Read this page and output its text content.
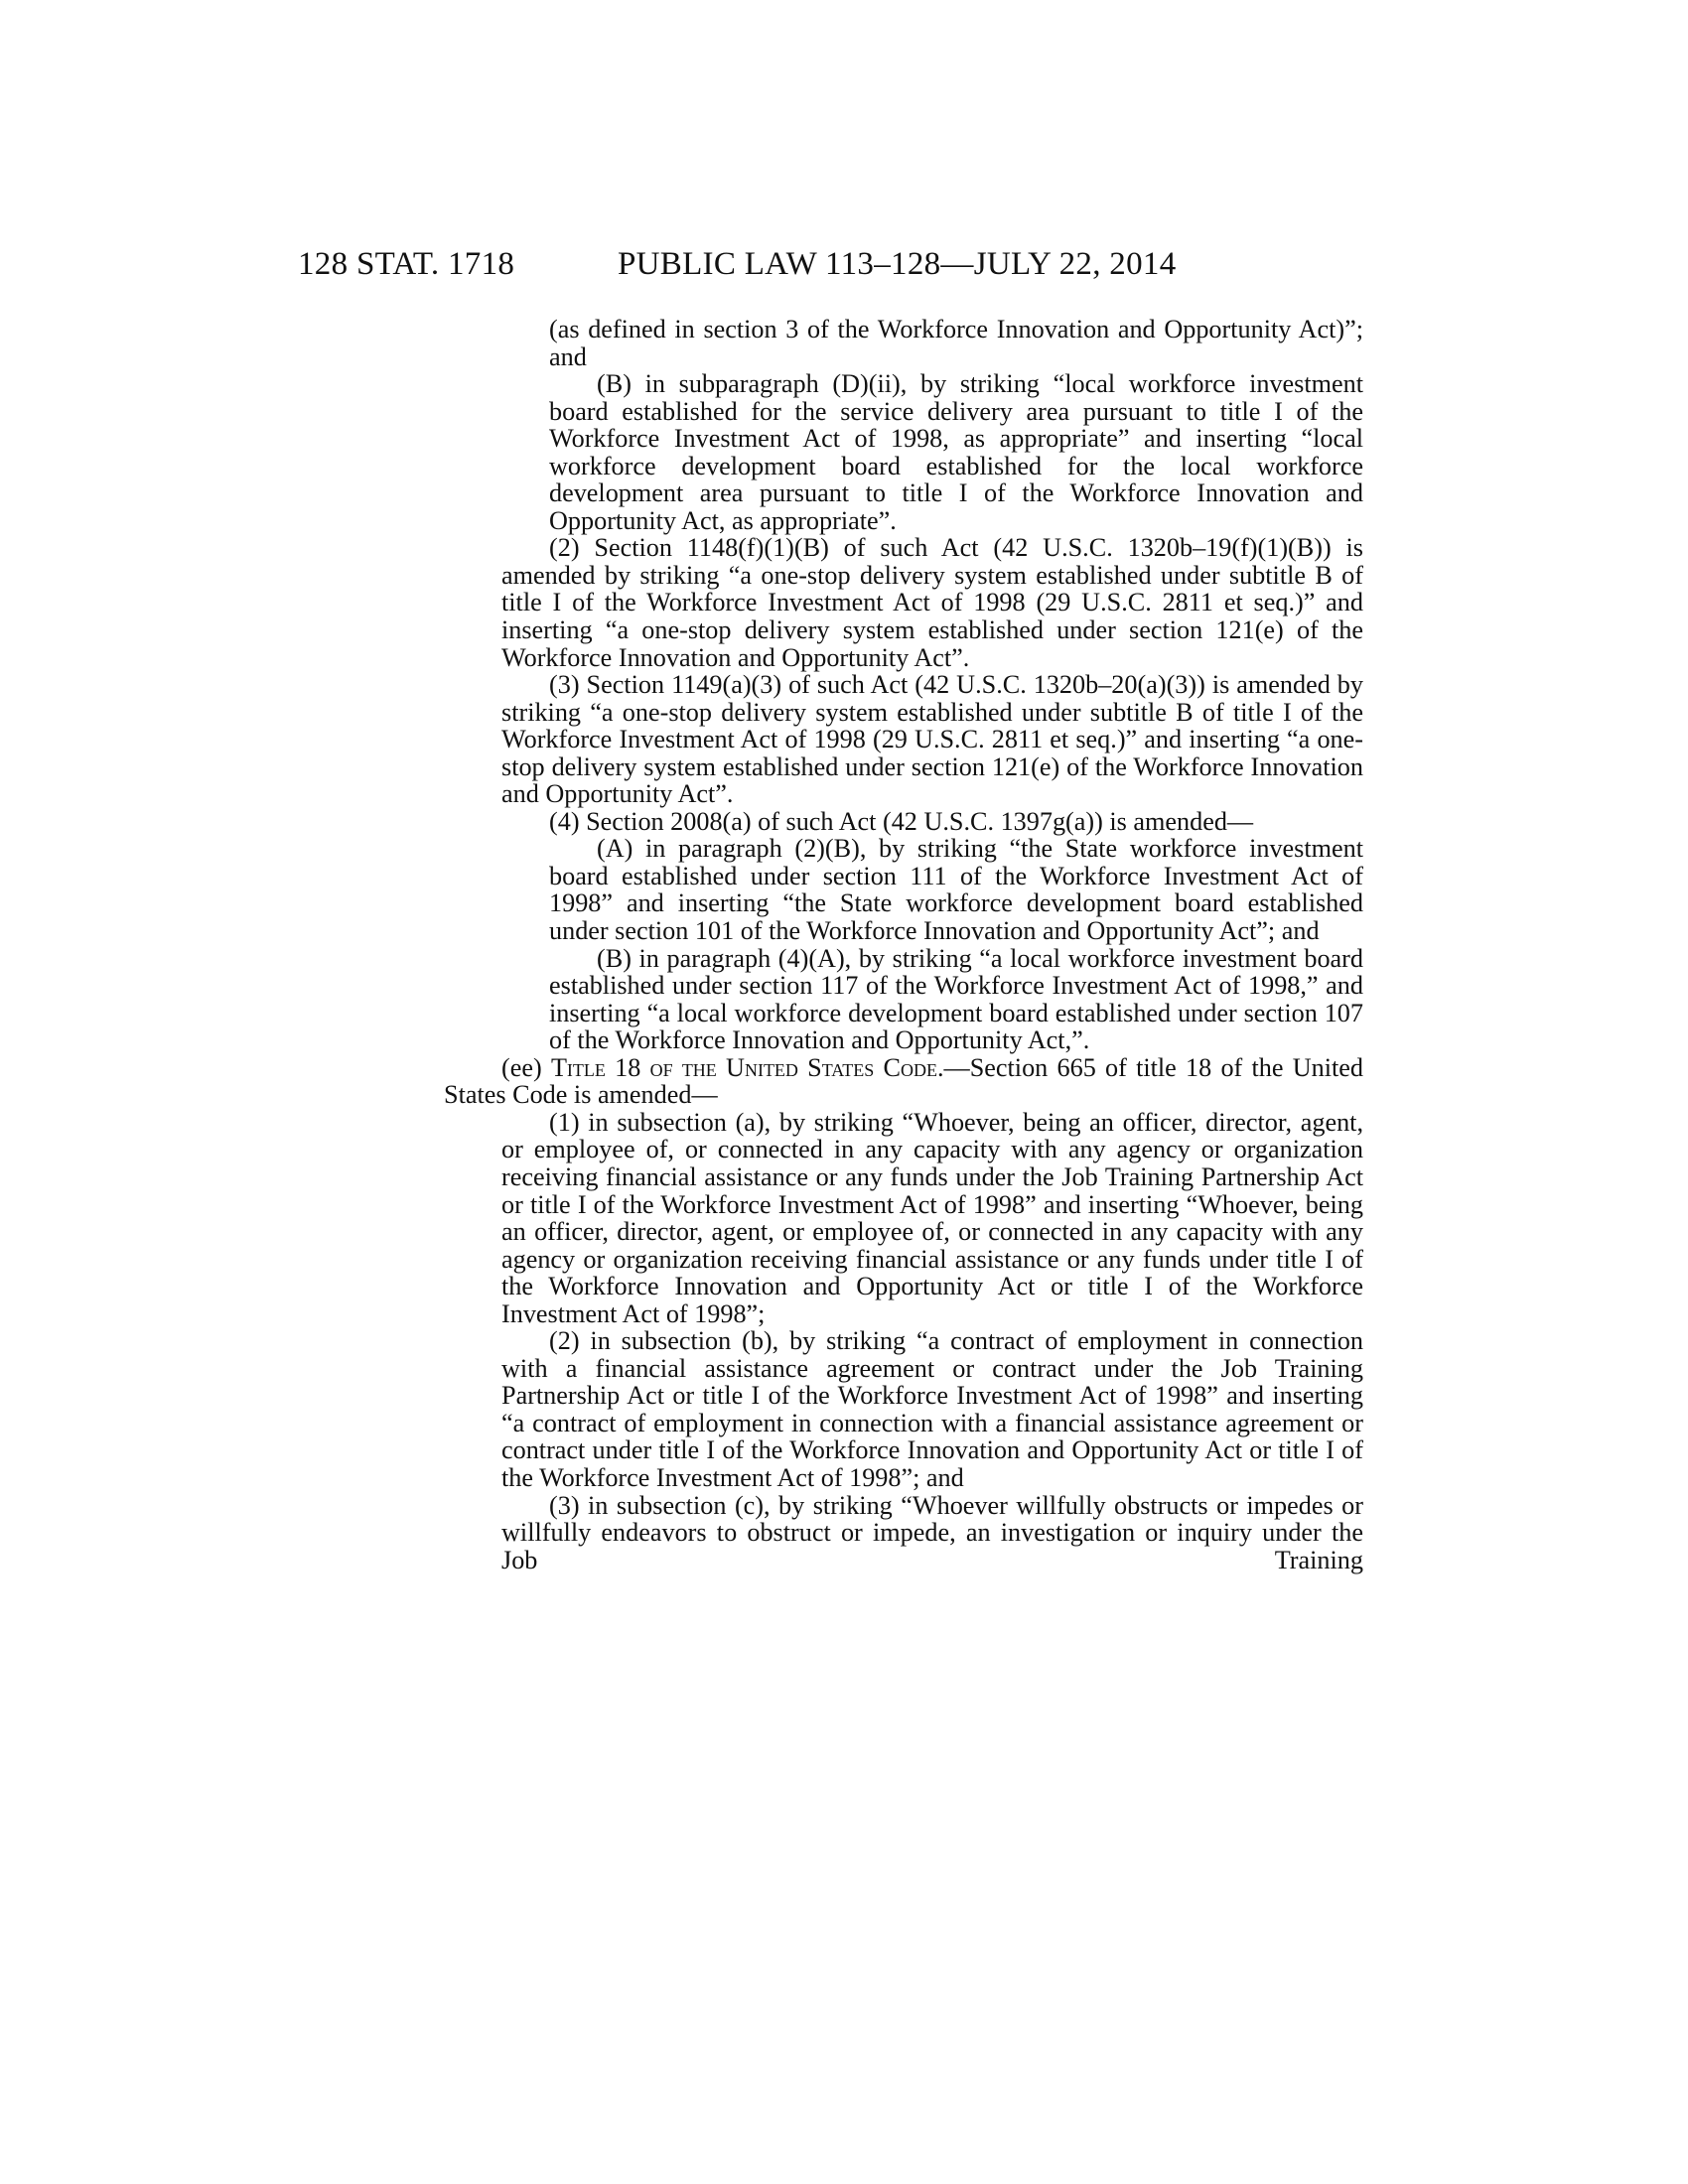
128 STAT. 1718	PUBLIC LAW 113–128—JULY 22, 2014

(as defined in section 3 of the Workforce Innovation and Opportunity Act)”; and

(B) in subparagraph (D)(ii), by striking “local workforce investment board established for the service delivery area pursuant to title I of the Workforce Investment Act of 1998, as appropriate” and inserting “local workforce development board established for the local workforce development area pursuant to title I of the Workforce Innovation and Opportunity Act, as appropriate”.

(2) Section 1148(f)(1)(B) of such Act (42 U.S.C. 1320b–19(f)(1)(B)) is amended by striking “a one-stop delivery system established under subtitle B of title I of the Workforce Investment Act of 1998 (29 U.S.C. 2811 et seq.)” and inserting “a one-stop delivery system established under section 121(e) of the Workforce Innovation and Opportunity Act”.

(3) Section 1149(a)(3) of such Act (42 U.S.C. 1320b–20(a)(3)) is amended by striking “a one-stop delivery system established under subtitle B of title I of the Workforce Investment Act of 1998 (29 U.S.C. 2811 et seq.)” and inserting “a one-stop delivery system established under section 121(e) of the Workforce Innovation and Opportunity Act”.

(4) Section 2008(a) of such Act (42 U.S.C. 1397g(a)) is amended—

(A) in paragraph (2)(B), by striking “the State workforce investment board established under section 111 of the Workforce Investment Act of 1998” and inserting “the State workforce development board established under section 101 of the Workforce Innovation and Opportunity Act”; and

(B) in paragraph (4)(A), by striking “a local workforce investment board established under section 117 of the Workforce Investment Act of 1998,” and inserting “a local workforce development board established under section 107 of the Workforce Innovation and Opportunity Act,”.

(ee) Title 18 of the United States Code.—Section 665 of title 18 of the United States Code is amended—

(1) in subsection (a), by striking “Whoever, being an officer, director, agent, or employee of, or connected in any capacity with any agency or organization receiving financial assistance or any funds under the Job Training Partnership Act or title I of the Workforce Investment Act of 1998” and inserting “Whoever, being an officer, director, agent, or employee of, or connected in any capacity with any agency or organization receiving financial assistance or any funds under title I of the Workforce Innovation and Opportunity Act or title I of the Workforce Investment Act of 1998”;

(2) in subsection (b), by striking “a contract of employment in connection with a financial assistance agreement or contract under the Job Training Partnership Act or title I of the Workforce Investment Act of 1998” and inserting “a contract of employment in connection with a financial assistance agreement or contract under title I of the Workforce Innovation and Opportunity Act or title I of the Workforce Investment Act of 1998”; and

(3) in subsection (c), by striking “Whoever willfully obstructs or impedes or willfully endeavors to obstruct or impede, an investigation or inquiry under the Job Training
